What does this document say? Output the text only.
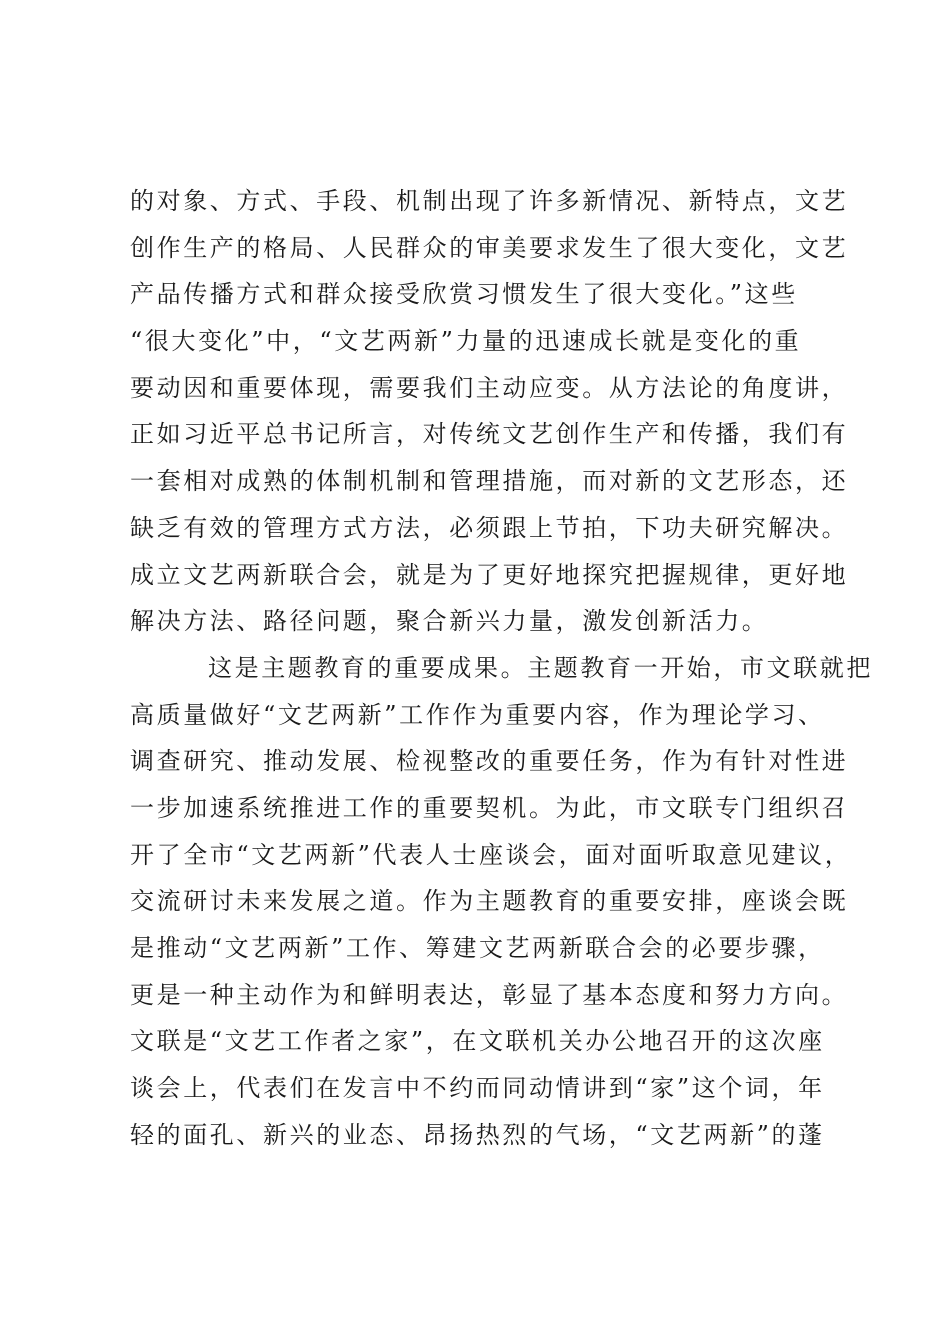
的对象、方式、手段、机制出现了许多新情况、新特点，文艺
创作生产的格局、人民群众的审美要求发生了很大变化，文艺
产品传播方式和群众接受欣赏习惯发生了很大变化。”这些
“很大变化”中，“文艺两新”力量的迅速成长就是变化的重
要动因和重要体现，需要我们主动应变。从方法论的角度讲，
正如习近平总书记所言，对传统文艺创作生产和传播，我们有
一套相对成熟的体制机制和管理措施，而对新的文艺形态，还
缺乏有效的管理方式方法，必须跟上节拍，下功夫研究解决。
成立文艺两新联合会，就是为了更好地探究把握规律，更好地
解决方法、路径问题，聚合新兴力量，激发创新活力。
这是主题教育的重要成果。主题教育一开始，市文联就把
高质量做好“文艺两新”工作作为重要内容，作为理论学习、
调查研究、推动发展、检视整改的重要任务，作为有针对性进
一步加速系统推进工作的重要契机。为此，市文联专门组织召
开了全市“文艺两新”代表人士座谈会，面对面听取意见建议，
交流研讨未来发展之道。作为主题教育的重要安排，座谈会既
是推动“文艺两新”工作、筹建文艺两新联合会的必要步骤，
更是一种主动作为和鲜明表达，彰显了基本态度和努力方向。
文联是“文艺工作者之家”，在文联机关办公地召开的这次座
谈会上，代表们在发言中不约而同动情讲到“家”这个词，年
轻的面孔、新兴的业态、昂扬热烈的气场，“文艺两新”的蓬
